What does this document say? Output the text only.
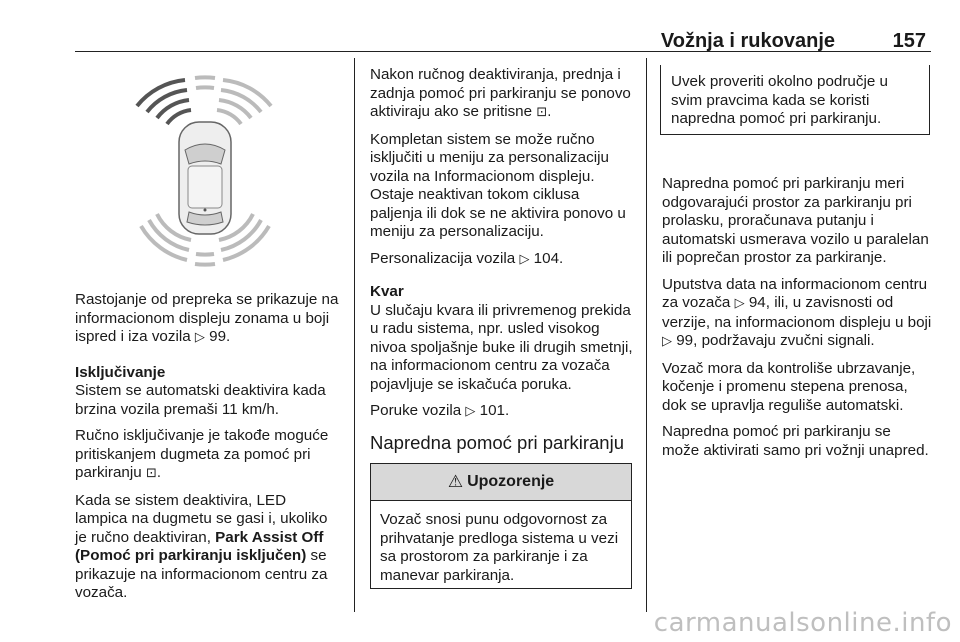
Vožnja i rukovanje	157

Rastojanje od prepreka se prikazuje na informacionom displeju zonama u boji ispred i iza vozila ▷ 99.

Isključivanje

Sistem se automatski deaktivira kada brzina vozila premaši 11 km/h.

Ručno isključivanje je takođe moguće pritiskanjem dugmeta za pomoć pri parkiranju ⊡.

Kada se sistem deaktivira, LED lampica na dugmetu se gasi i, ukoliko je ručno deaktiviran, Park Assist Off (Pomoć pri parkiranju isključen) se prikazuje na informacionom centru za vozača.

Nakon ručnog deaktiviranja, prednja i zadnja pomoć pri parkiranju se ponovo aktiviraju ako se pritisne ⊡.

Kompletan sistem se može ručno isključiti u meniju za personalizaciju vozila na Informacionom displeju. Ostaje neaktivan tokom ciklusa paljenja ili dok se ne aktivira ponovo u meniju za personalizaciju.

Personalizacija vozila ▷ 104.

Kvar

U slučaju kvara ili privremenog prekida u radu sistema, npr. usled visokog nivoa spoljašnje buke ili drugih smetnji, na informacionom centru za vozača pojavljuje se iskačuća poruka.

Poruke vozila ▷ 101.

Napredna pomoć pri parkiranju

⚠ Upozorenje
Vozač snosi punu odgovornost za prihvatanje predloga sistema u vezi sa prostorom za parkiranje i za manevar parkiranja.
Uvek proveriti okolno područje u svim pravcima kada se koristi napredna pomoć pri parkiranju.

Napredna pomoć pri parkiranju meri odgovarajući prostor za parkiranju pri prolasku, proračunava putanju i automatski usmerava vozilo u paralelan ili poprečan prostor za parkiranje.

Uputstva data na informacionom centru za vozača ▷ 94, ili, u zavisnosti od verzije, na informacionom displeju u boji ▷ 99, podržavaju zvučni signali.

Vozač mora da kontroliše ubrzavanje, kočenje i promenu stepena prenosa, dok se upravlja reguliše automatski.

Napredna pomoć pri parkiranju se može aktivirati samo pri vožnji unapred.

carmanualsonline.info
